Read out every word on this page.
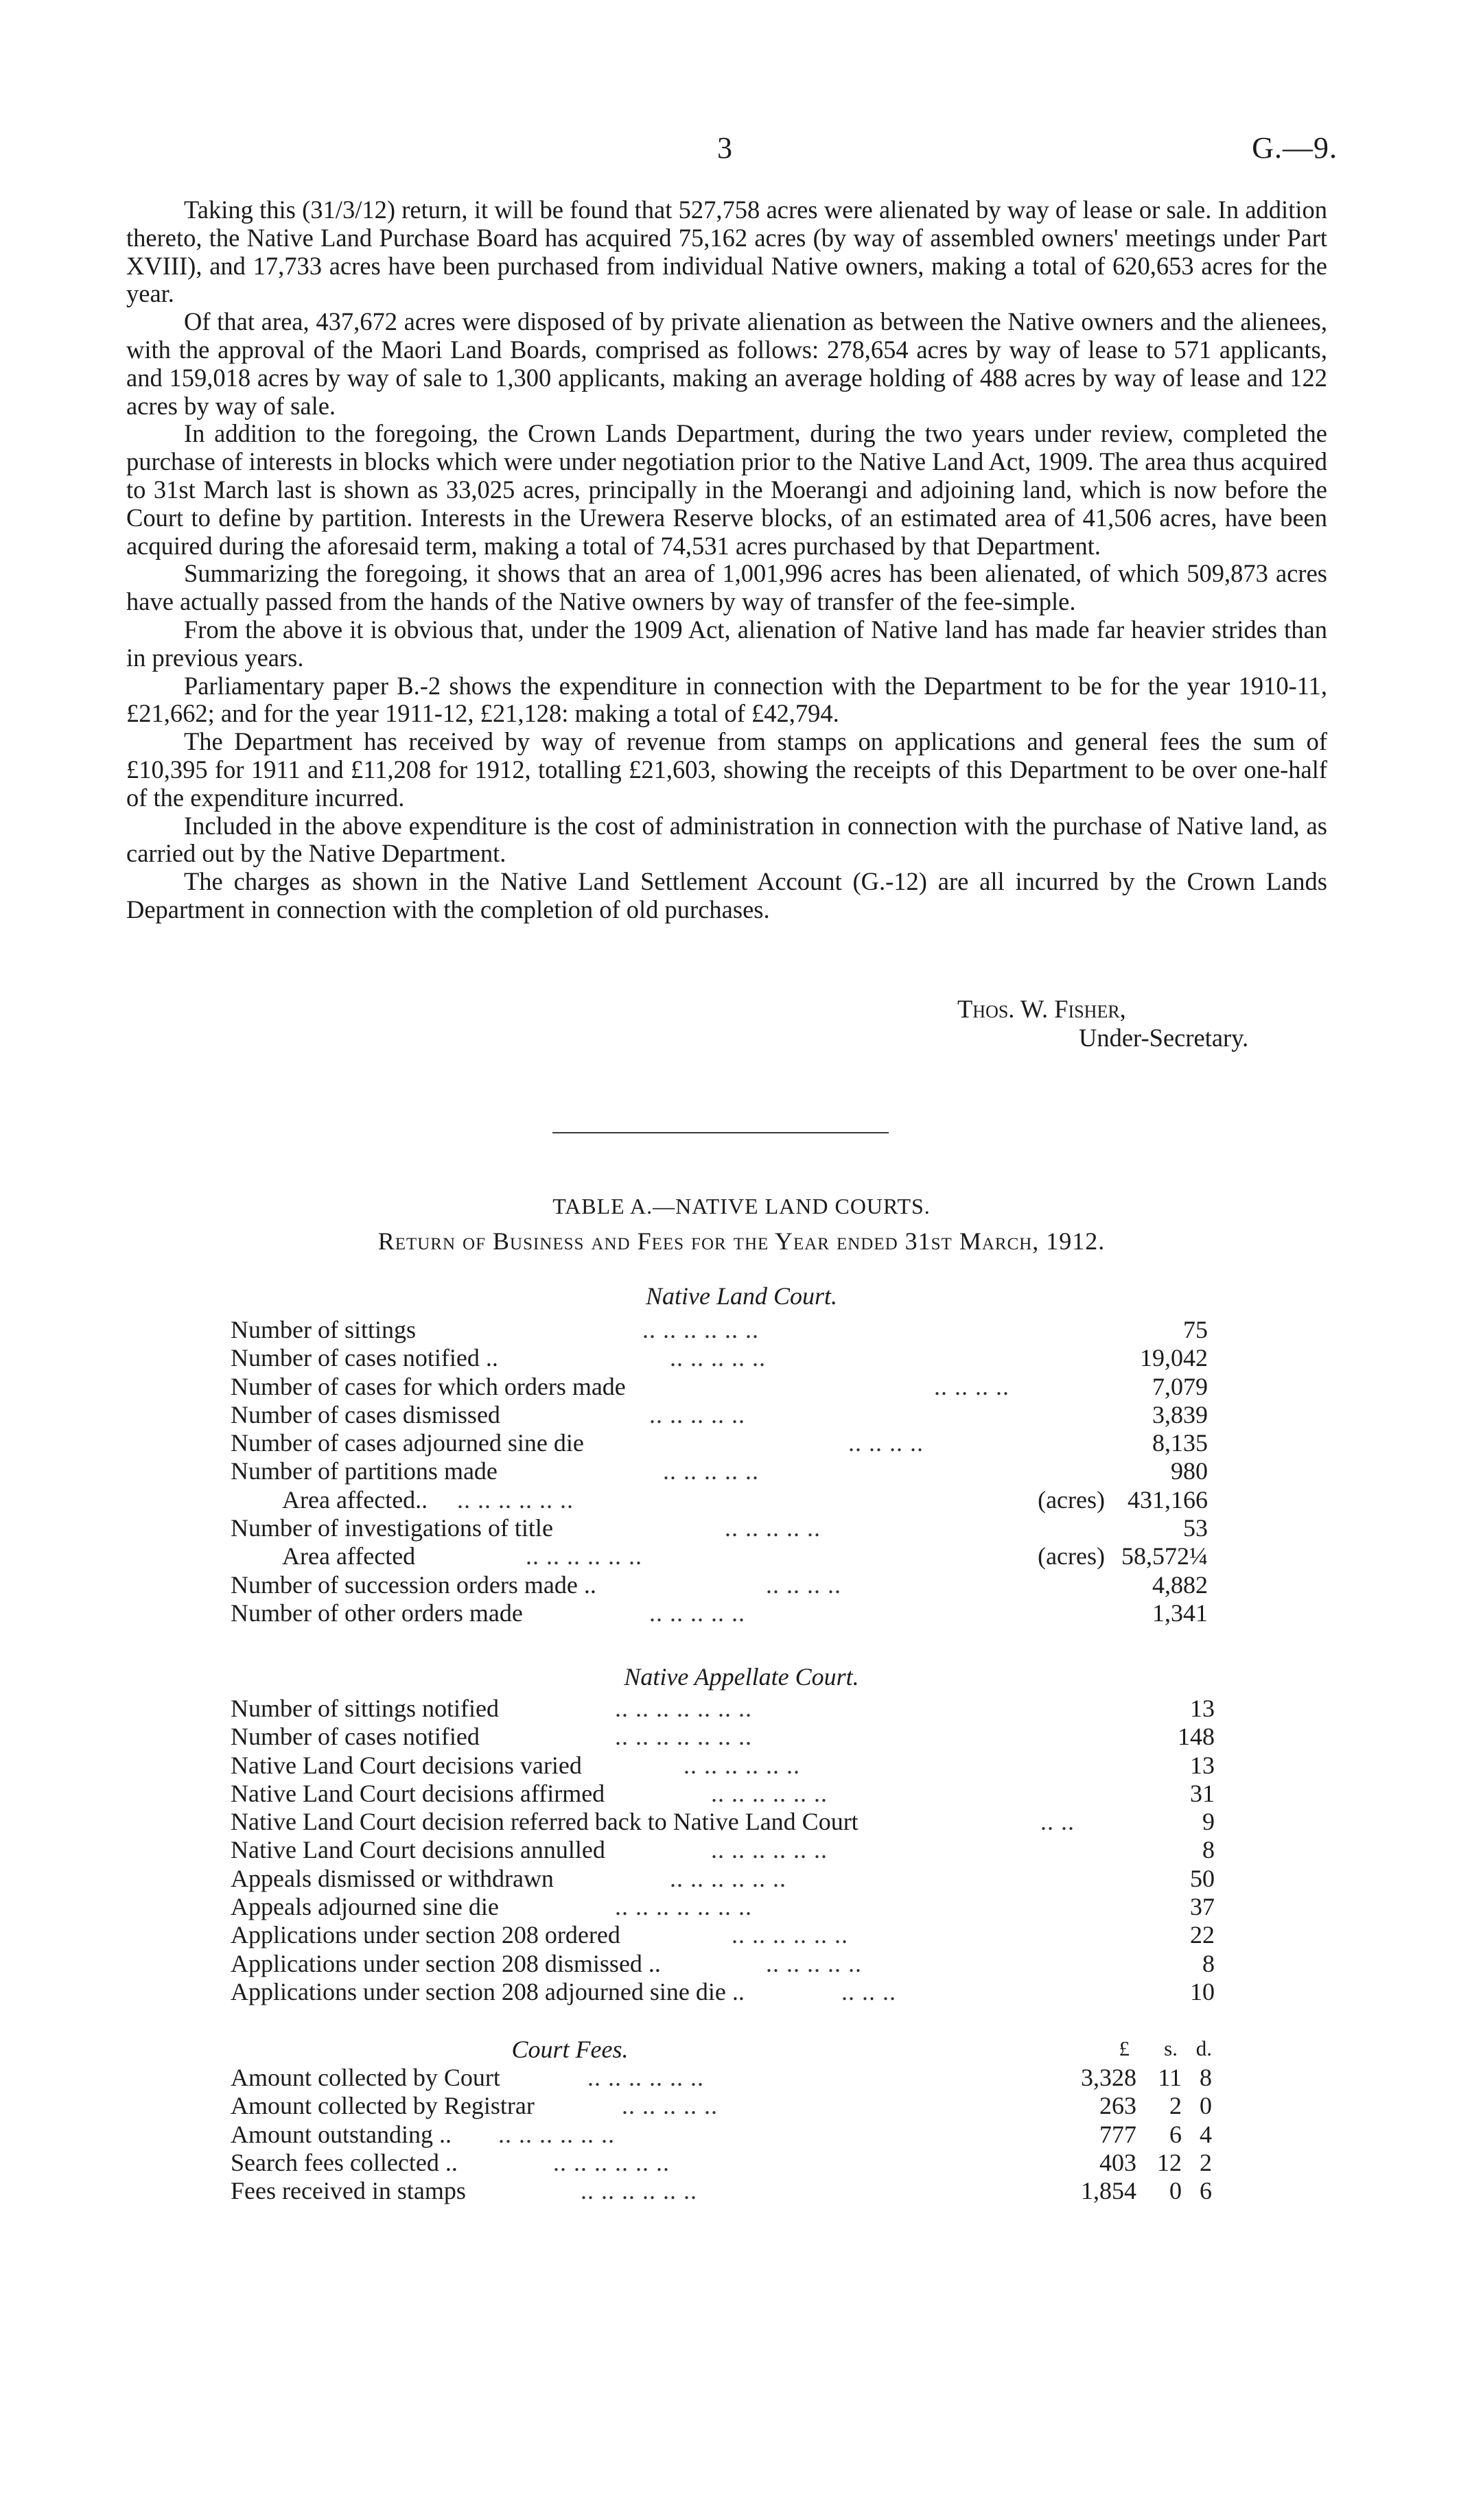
3	G.—9.

Taking this (31/3/12) return, it will be found that 527,758 acres were alienated by way of lease or sale. In addition thereto, the Native Land Purchase Board has acquired 75,162 acres (by way of assembled owners' meetings under Part XVIII), and 17,733 acres have been purchased from individual Native owners, making a total of 620,653 acres for the year.

Of that area, 437,672 acres were disposed of by private alienation as between the Native owners and the alienees, with the approval of the Maori Land Boards, comprised as follows: 278,654 acres by way of lease to 571 applicants, and 159,018 acres by way of sale to 1,300 applicants, making an average holding of 488 acres by way of lease and 122 acres by way of sale.

In addition to the foregoing, the Crown Lands Department, during the two years under review, completed the purchase of interests in blocks which were under negotiation prior to the Native Land Act, 1909. The area thus acquired to 31st March last is shown as 33,025 acres, principally in the Moerangi and adjoining land, which is now before the Court to define by partition. Interests in the Urewera Reserve blocks, of an estimated area of 41,506 acres, have been acquired during the aforesaid term, making a total of 74,531 acres purchased by that Department.

Summarizing the foregoing, it shows that an area of 1,001,996 acres has been alienated, of which 509,873 acres have actually passed from the hands of the Native owners by way of transfer of the fee-simple.

From the above it is obvious that, under the 1909 Act, alienation of Native land has made far heavier strides than in previous years.

Parliamentary paper B.-2 shows the expenditure in connection with the Department to be for the year 1910-11, £21,662; and for the year 1911-12, £21,128: making a total of £42,794.

The Department has received by way of revenue from stamps on applications and general fees the sum of £10,395 for 1911 and £11,208 for 1912, totalling £21,603, showing the receipts of this Department to be over one-half of the expenditure incurred.

Included in the above expenditure is the cost of administration in connection with the purchase of Native land, as carried out by the Native Department.

The charges as shown in the Native Land Settlement Account (G.-12) are all incurred by the Crown Lands Department in connection with the completion of old purchases.

Thos. W. Fisher,
Under-Secretary.
TABLE A.—NATIVE LAND COURTS.
Return of Business and Fees for the Year ended 31st March, 1912.
Native Land Court.
Number of sittings	.. .. .. .. .. ..	75
Number of cases notified ..	.. .. .. .. ..	19,042
Number of cases for which orders made	.. .. .. ..	7,079
Number of cases dismissed	.. .. .. .. ..	3,839
Number of cases adjourned sine die	.. .. .. ..	8,135
Number of partitions made	.. .. .. .. ..	980
Area affected.. .. .. .. .. .. ..	(acres) 431,166
Number of investigations of title	.. .. .. .. ..	53
Area affected	.. .. .. .. .. ..	(acres) 58,572¼
Number of succession orders made ..	.. .. .. ..	4,882
Number of other orders made	.. .. .. .. ..	1,341
Native Appellate Court.
Number of sittings notified	.. .. .. .. .. .. ..	13
Number of cases notified	.. .. .. .. .. .. ..	148
Native Land Court decisions varied	.. .. .. .. .. ..	13
Native Land Court decisions affirmed	.. .. .. .. .. ..	31
Native Land Court decision referred back to Native Land Court	.. ..	9
Native Land Court decisions annulled	.. .. .. .. .. ..	8
Appeals dismissed or withdrawn	.. .. .. .. .. ..	50
Appeals adjourned sine die	.. .. .. .. .. .. ..	37
Applications under section 208 ordered	.. .. .. .. .. ..	22
Applications under section 208 dismissed ..	.. .. .. .. ..	8
Applications under section 208 adjourned sine die ..	.. .. ..	10
Court Fees.	£ s. d.
Amount collected by Court	.. .. .. .. .. ..	3,328 11 8
Amount collected by Registrar	.. .. .. .. ..	263	2 0
Amount outstanding .. .. .. .. .. .. ..	777	6 4
Search fees collected ..	.. .. .. .. .. ..	403 12 2
Fees received in stamps	.. .. .. .. .. ..	1,854	0 6
